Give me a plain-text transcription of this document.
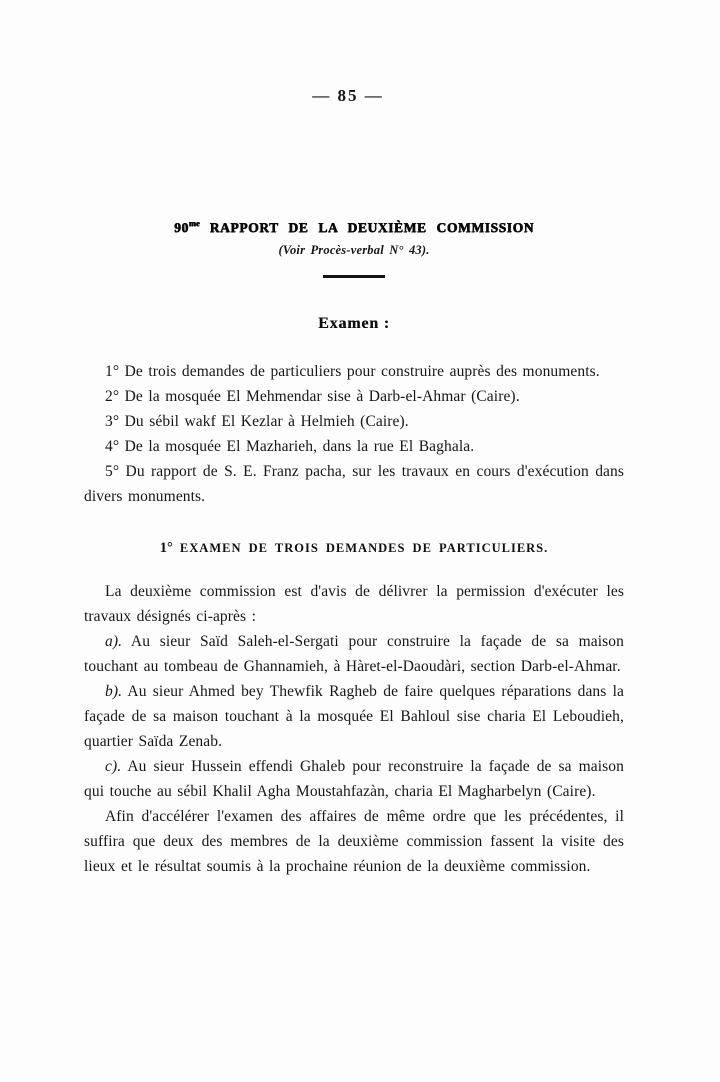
— 85 —
$90^{me}$ RAPPORT DE LA DEUXIÈME COMMISSION
(Voir Procès-verbal N° 43).
Examen :

1° De trois demandes de particuliers pour construire auprès des monuments.

2° De la mosquée El Mehmendar sise à Darb-el-Ahmar (Caire).

3° Du sébil wakf El Kezlar à Helmieh (Caire).

4° De la mosquée El Mazharieh, dans la rue El Baghala.

5° Du rapport de S. E. Franz pacha, sur les travaux en cours d'exécution dans divers monuments.

1° EXAMEN DE TROIS DEMANDES DE PARTICULIERS.

La deuxième commission est d'avis de délivrer la permission d'exécuter les travaux désignés ci-après :

a). Au sieur Saïd Saleh-el-Sergati pour construire la façade de sa maison touchant au tombeau de Ghannamieh, à Hàret-el-Daoudàri, section Darb-el-Ahmar.

b). Au sieur Ahmed bey Thewfik Ragheb de faire quelques réparations dans la façade de sa maison touchant à la mosquée El Bahloul sise charia El Leboudieh, quartier Saïda Zenab.

c). Au sieur Hussein effendi Ghaleb pour reconstruire la façade de sa maison qui touche au sébil Khalil Agha Moustahfazàn, charia El Magharbelyn (Caire).

Afin d'accélérer l'examen des affaires de même ordre que les précédentes, il suffira que deux des membres de la deuxième commission fassent la visite des lieux et le résultat soumis à la prochaine réunion de la deuxième commission.
